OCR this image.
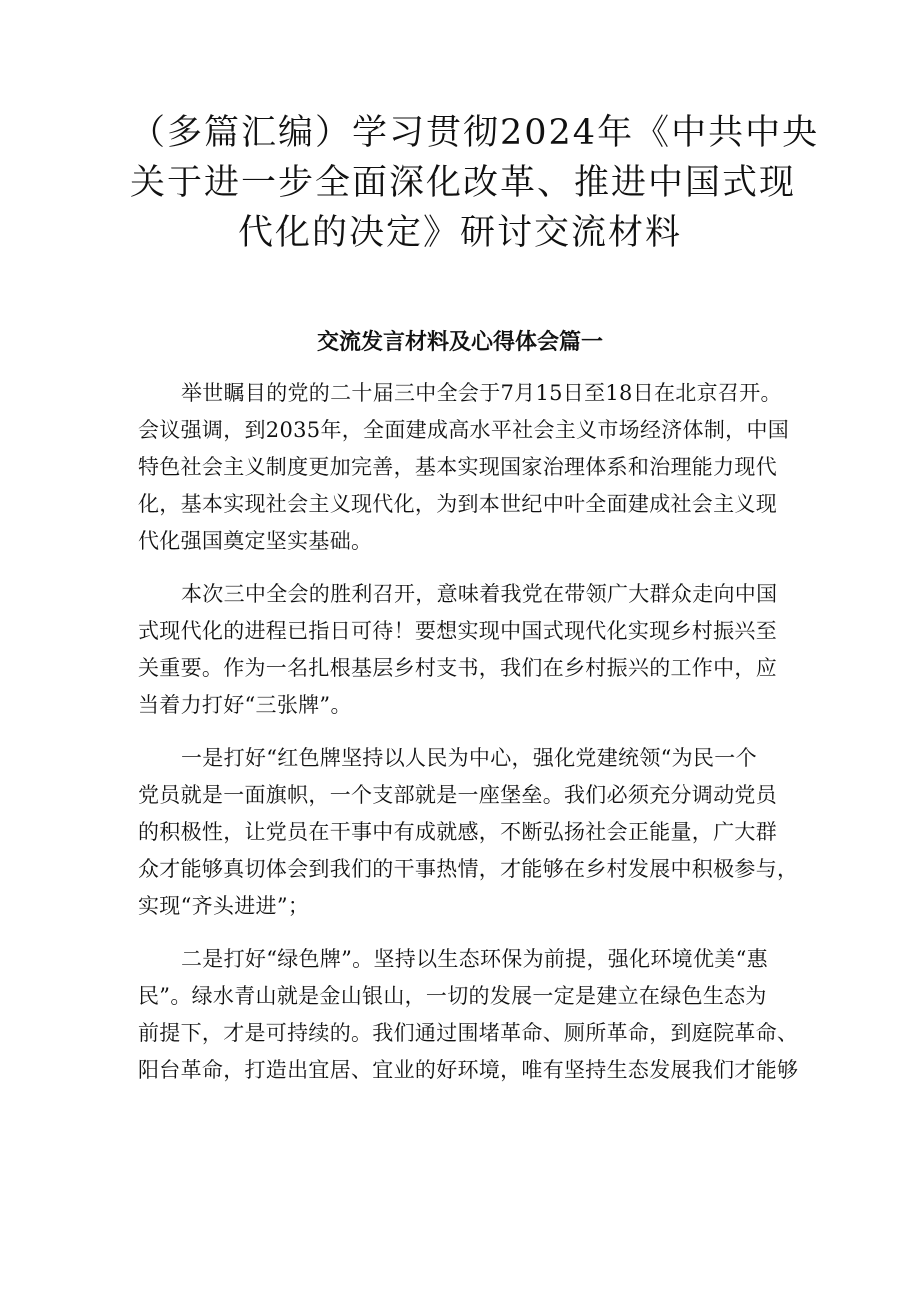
（多篇汇编）学习贯彻2024年《中共中央
关于进一步全面深化改革、推进中国式现
代化的决定》研讨交流材料
交流发言材料及心得体会篇一

举世瞩目的党的二十届三中全会于7月15日至18日在北京召开。
会议强调，到2035年，全面建成高水平社会主义市场经济体制，中国
特色社会主义制度更加完善，基本实现国家治理体系和治理能力现代
化，基本实现社会主义现代化，为到本世纪中叶全面建成社会主义现
代化强国奠定坚实基础。

本次三中全会的胜利召开，意味着我党在带领广大群众走向中国
式现代化的进程已指日可待！要想实现中国式现代化实现乡村振兴至
关重要。作为一名扎根基层乡村支书，我们在乡村振兴的工作中，应
当着力打好“三张牌”。

一是打好“红色牌坚持以人民为中心，强化党建统领“为民一个
党员就是一面旗帜，一个支部就是一座堡垒。我们必须充分调动党员
的积极性，让党员在干事中有成就感，不断弘扬社会正能量，广大群
众才能够真切体会到我们的干事热情，才能够在乡村发展中积极参与，
实现“齐头进进”；

二是打好“绿色牌”。坚持以生态环保为前提，强化环境优美“惠
民”。绿水青山就是金山银山，一切的发展一定是建立在绿色生态为
前提下，才是可持续的。我们通过围堵革命、厕所革命，到庭院革命、
阳台革命，打造出宜居、宜业的好环境，唯有坚持生态发展我们才能够
